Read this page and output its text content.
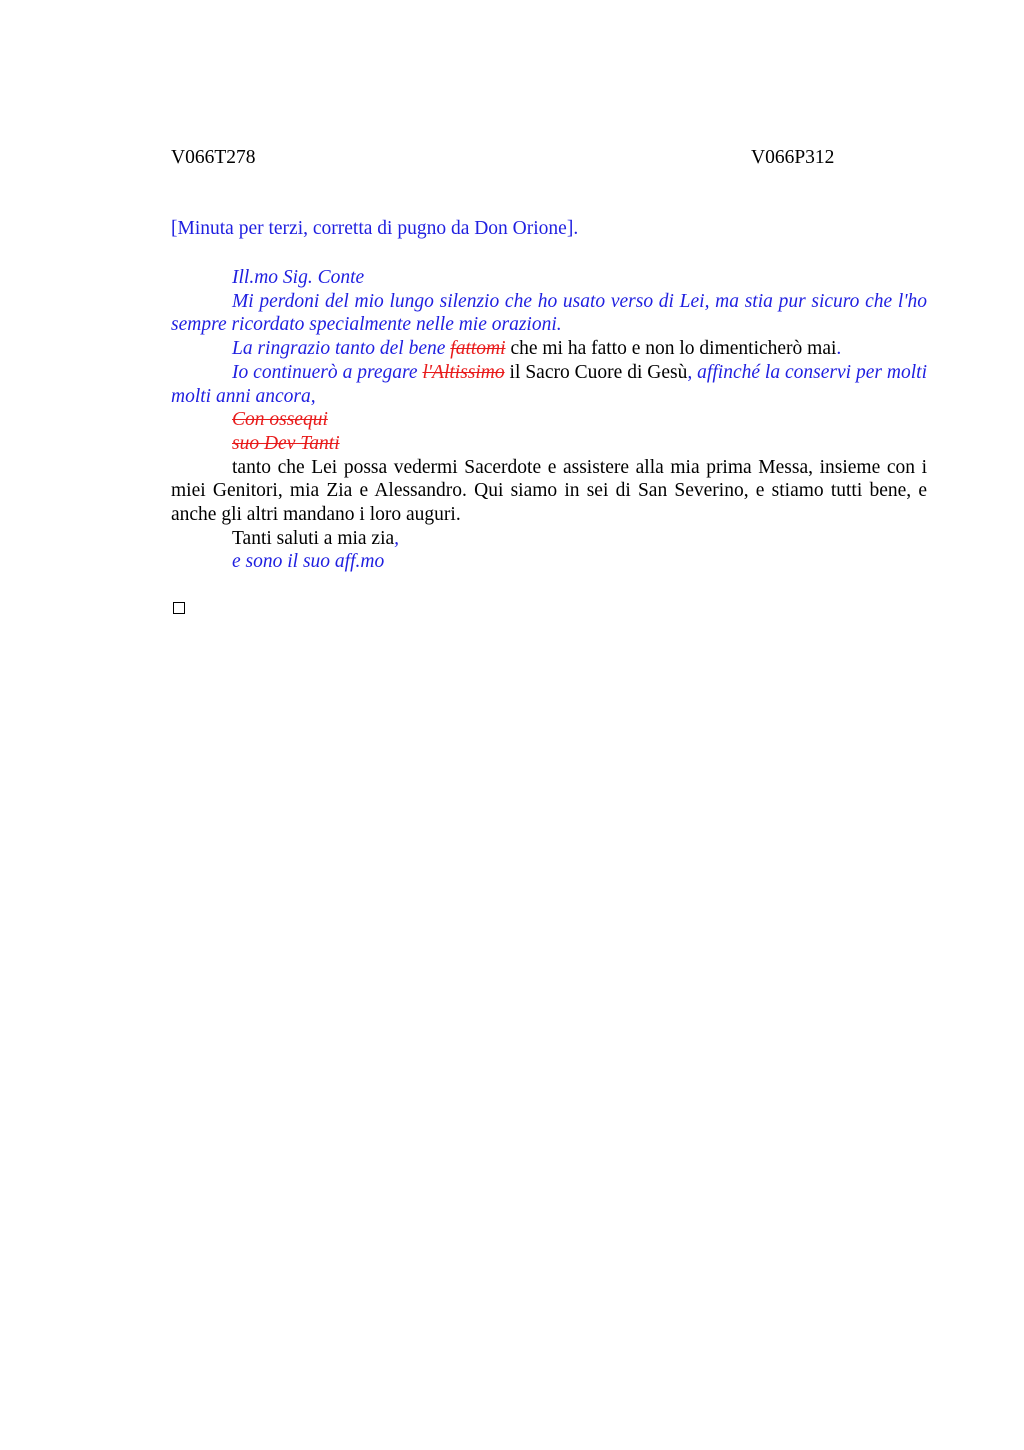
V066T278	V066P312
[Minuta per terzi, corretta di pugno da Don Orione].

Ill.mo Sig. Conte

Mi perdoni del mio lungo silenzio che ho usato verso di Lei, ma stia pur sicuro che l'ho sempre ricordato specialmente nelle mie orazioni.

La ringrazio tanto del bene fattomi che mi ha fatto e non lo dimenticherò mai.

Io continuerò a pregare l'Altissimo il Sacro Cuore di Gesù, affinché la conservi per molti molti anni ancora,

Con ossequi

suo Dev Tanti

tanto che Lei possa vedermi Sacerdote e assistere alla mia prima Messa, insieme con i miei Genitori, mia Zia e Alessandro. Qui siamo in sei di San Severino, e stiamo tutti bene, e anche gli altri mandano i loro auguri.

Tanti saluti a mia zia,

e sono il suo aff.mo
